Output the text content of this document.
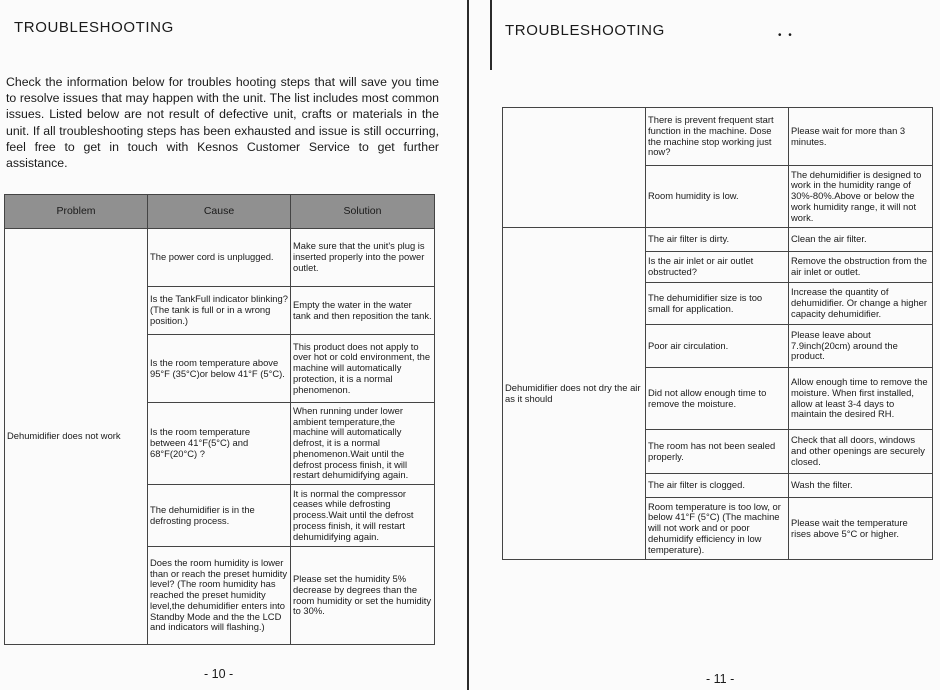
TROUBLESHOOTING
Check the information below for troubles hooting steps that will save you time to resolve issues that may happen with the unit. The list includes most common issues. Listed below are not result of defective unit, crafts or materials in the unit. If all troubleshooting steps has been exhausted and issue is still occurring, feel free to get in touch with Kesnos Customer Service to get further assistance.
Problem	Cause	Solution
Dehumidifier does not work	The power cord is unplugged.	Make sure that the unit's plug is inserted properly into the power outlet.
	Is the TankFull indicator blinking? (The tank is full or in a wrong position.)	Empty the water in the water tank and then reposition the tank.
	Is the room temperature above 95°F (35°C)or below 41°F (5°C).	This product does not apply to over hot or cold environment, the machine will automatically protection, it is a normal phenomenon.
	Is the room temperature between 41°F(5°C) and 68°F(20°C) ?	When running under lower ambient temperature,the machine will automatically defrost, it is a normal phenomenon.Wait until the defrost process finish, it will restart dehumidifying again.
	The dehumidifier is in the defrosting process.	It is normal the compressor ceases while defrosting process.Wait until the defrost process finish, it will restart dehumidifying again.
	Does the room humidity is lower than or reach the preset humidity level? (The room humidity has reached the preset humidity level,the dehumidifier enters into Standby Mode and the the LCD and indicators will flashing.)	Please set the humidity 5% decrease by degrees than the room humidity or set the humidity to 30%.
- 10 -
TROUBLESHOOTING	• •
	There is prevent frequent start function in the machine. Dose the machine stop working just now?	Please wait for more than 3 minutes.
	Room humidity is low.	The dehumidifier is designed to work in the humidity range of 30%-80%.Above or below the work humidity range, it will not work.
Dehumidifier does not dry the air as it should	The air filter is dirty.	Clean the air filter.
	Is the air inlet or air outlet obstructed?	Remove the obstruction from the air inlet or outlet.
	The dehumidifier size is too small for application.	Increase the quantity of dehumidifier. Or change a higher capacity dehumidifier.
	Poor air circulation.	Please leave about 7.9inch(20cm) around the product.
	Did not allow enough time to remove the moisture.	Allow enough time to remove the moisture. When first installed, allow at least 3-4 days to maintain the desired RH.
	The room has not been sealed properly.	Check that all doors, windows and other openings are securely closed.
	The air filter is clogged.	Wash the filter.
	Room temperature is too low, or below 41°F (5°C) (The machine will not work and or poor dehumidify efficiency in low temperature).	Please wait the temperature rises above 5°C or higher.
- 11 -
